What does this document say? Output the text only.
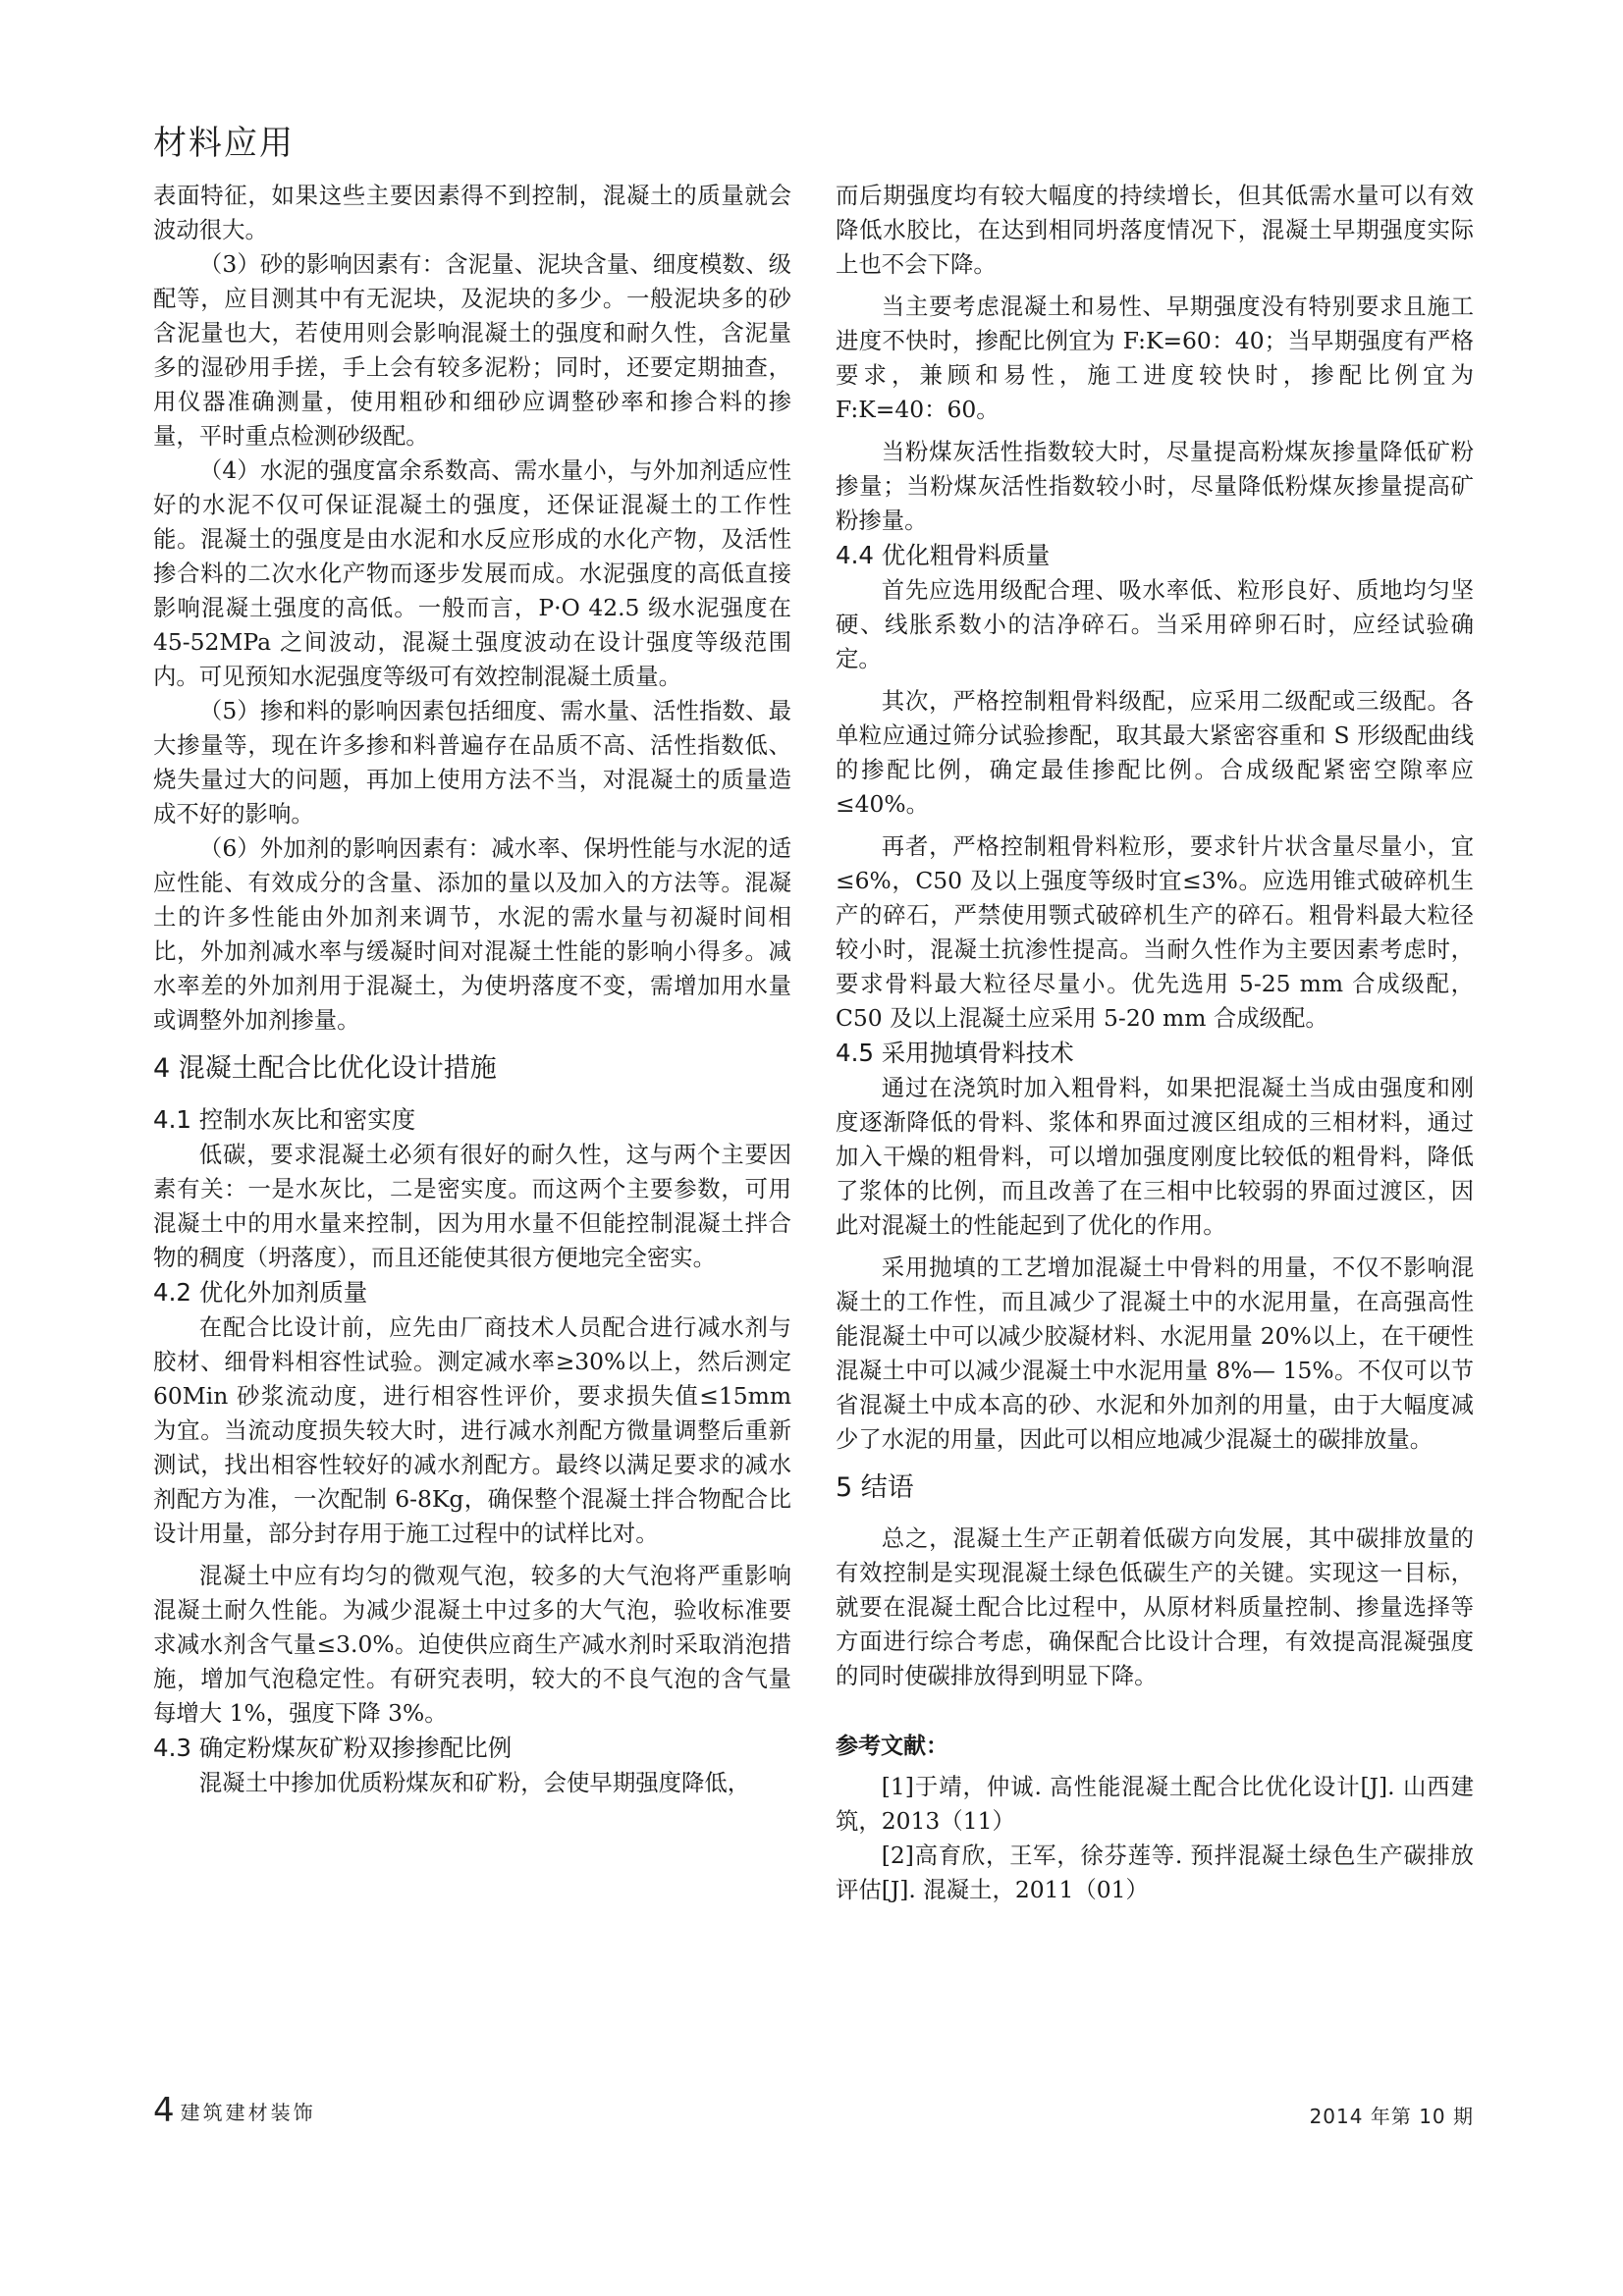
材料应用

表面特征，如果这些主要因素得不到控制，混凝土的质量就会波动很大。

（3）砂的影响因素有：含泥量、泥块含量、细度模数、级配等，应目测其中有无泥块，及泥块的多少。一般泥块多的砂含泥量也大，若使用则会影响混凝土的强度和耐久性，含泥量多的湿砂用手搓，手上会有较多泥粉；同时，还要定期抽查，用仪器准确测量，使用粗砂和细砂应调整砂率和掺合料的掺量，平时重点检测砂级配。

（4）水泥的强度富余系数高、需水量小，与外加剂适应性好的水泥不仅可保证混凝土的强度，还保证混凝土的工作性能。混凝土的强度是由水泥和水反应形成的水化产物，及活性掺合料的二次水化产物而逐步发展而成。水泥强度的高低直接影响混凝土强度的高低。一般而言，P·O 42.5 级水泥强度在 45-52MPa 之间波动，混凝土强度波动在设计强度等级范围内。可见预知水泥强度等级可有效控制混凝土质量。

（5）掺和料的影响因素包括细度、需水量、活性指数、最大掺量等，现在许多掺和料普遍存在品质不高、活性指数低、烧失量过大的问题，再加上使用方法不当，对混凝土的质量造成不好的影响。

（6）外加剂的影响因素有：减水率、保坍性能与水泥的适应性能、有效成分的含量、添加的量以及加入的方法等。混凝土的许多性能由外加剂来调节，水泥的需水量与初凝时间相比，外加剂减水率与缓凝时间对混凝土性能的影响小得多。减水率差的外加剂用于混凝土，为使坍落度不变，需增加用水量或调整外加剂掺量。

4 混凝土配合比优化设计措施
4.1 控制水灰比和密实度

低碳，要求混凝土必须有很好的耐久性，这与两个主要因素有关：一是水灰比，二是密实度。而这两个主要参数，可用混凝土中的用水量来控制，因为用水量不但能控制混凝土拌合物的稠度（坍落度），而且还能使其很方便地完全密实。

4.2 优化外加剂质量

在配合比设计前，应先由厂商技术人员配合进行减水剂与胶材、细骨料相容性试验。测定减水率≥30%以上，然后测定 60Min 砂浆流动度，进行相容性评价，要求损失值≤15mm 为宜。当流动度损失较大时，进行减水剂配方微量调整后重新测试，找出相容性较好的减水剂配方。最终以满足要求的减水剂配方为准，一次配制 6-8Kg，确保整个混凝土拌合物配合比设计用量，部分封存用于施工过程中的试样比对。

混凝土中应有均匀的微观气泡，较多的大气泡将严重影响混凝土耐久性能。为减少混凝土中过多的大气泡，验收标准要求减水剂含气量≤3.0%。迫使供应商生产减水剂时采取消泡措施，增加气泡稳定性。有研究表明，较大的不良气泡的含气量每增大 1%，强度下降 3%。

4.3 确定粉煤灰矿粉双掺掺配比例

混凝土中掺加优质粉煤灰和矿粉，会使早期强度降低，

而后期强度均有较大幅度的持续增长，但其低需水量可以有效降低水胶比，在达到相同坍落度情况下，混凝土早期强度实际上也不会下降。

当主要考虑混凝土和易性、早期强度没有特别要求且施工进度不快时，掺配比例宜为 F:K=60：40；当早期强度有严格要求，兼顾和易性，施工进度较快时，掺配比例宜为 F:K=40：60。

当粉煤灰活性指数较大时，尽量提高粉煤灰掺量降低矿粉掺量；当粉煤灰活性指数较小时，尽量降低粉煤灰掺量提高矿粉掺量。

4.4 优化粗骨料质量

首先应选用级配合理、吸水率低、粒形良好、质地均匀坚硬、线胀系数小的洁净碎石。当采用碎卵石时，应经试验确定。

其次，严格控制粗骨料级配，应采用二级配或三级配。各单粒应通过筛分试验掺配，取其最大紧密容重和 S 形级配曲线的掺配比例，确定最佳掺配比例。合成级配紧密空隙率应≤40%。

再者，严格控制粗骨料粒形，要求针片状含量尽量小，宜≤6%，C50 及以上强度等级时宜≤3%。应选用锥式破碎机生产的碎石，严禁使用颚式破碎机生产的碎石。粗骨料最大粒径较小时，混凝土抗渗性提高。当耐久性作为主要因素考虑时，要求骨料最大粒径尽量小。优先选用 5-25 mm 合成级配，C50 及以上混凝土应采用 5-20 mm 合成级配。

4.5 采用抛填骨料技术

通过在浇筑时加入粗骨料，如果把混凝土当成由强度和刚度逐渐降低的骨料、浆体和界面过渡区组成的三相材料，通过加入干燥的粗骨料，可以增加强度刚度比较低的粗骨料，降低了浆体的比例，而且改善了在三相中比较弱的界面过渡区，因此对混凝土的性能起到了优化的作用。

采用抛填的工艺增加混凝土中骨料的用量，不仅不影响混凝土的工作性，而且减少了混凝土中的水泥用量，在高强高性能混凝土中可以减少胶凝材料、水泥用量 20%以上，在干硬性混凝土中可以减少混凝土中水泥用量 8%— 15%。不仅可以节省混凝土中成本高的砂、水泥和外加剂的用量，由于大幅度减少了水泥的用量，因此可以相应地减少混凝土的碳排放量。

5 结语

总之，混凝土生产正朝着低碳方向发展，其中碳排放量的有效控制是实现混凝土绿色低碳生产的关键。实现这一目标，就要在混凝土配合比过程中，从原材料质量控制、掺量选择等方面进行综合考虑，确保配合比设计合理，有效提高混凝强度的同时使碳排放得到明显下降。

参考文献：

[1]于靖，仲诚. 高性能混凝土配合比优化设计[J]. 山西建筑，2013（11）

[2]高育欣，王军，徐芬莲等. 预拌混凝土绿色生产碳排放评估[J]. 混凝土，2011（01）

4 建筑建材装饰	2014 年第 10 期
